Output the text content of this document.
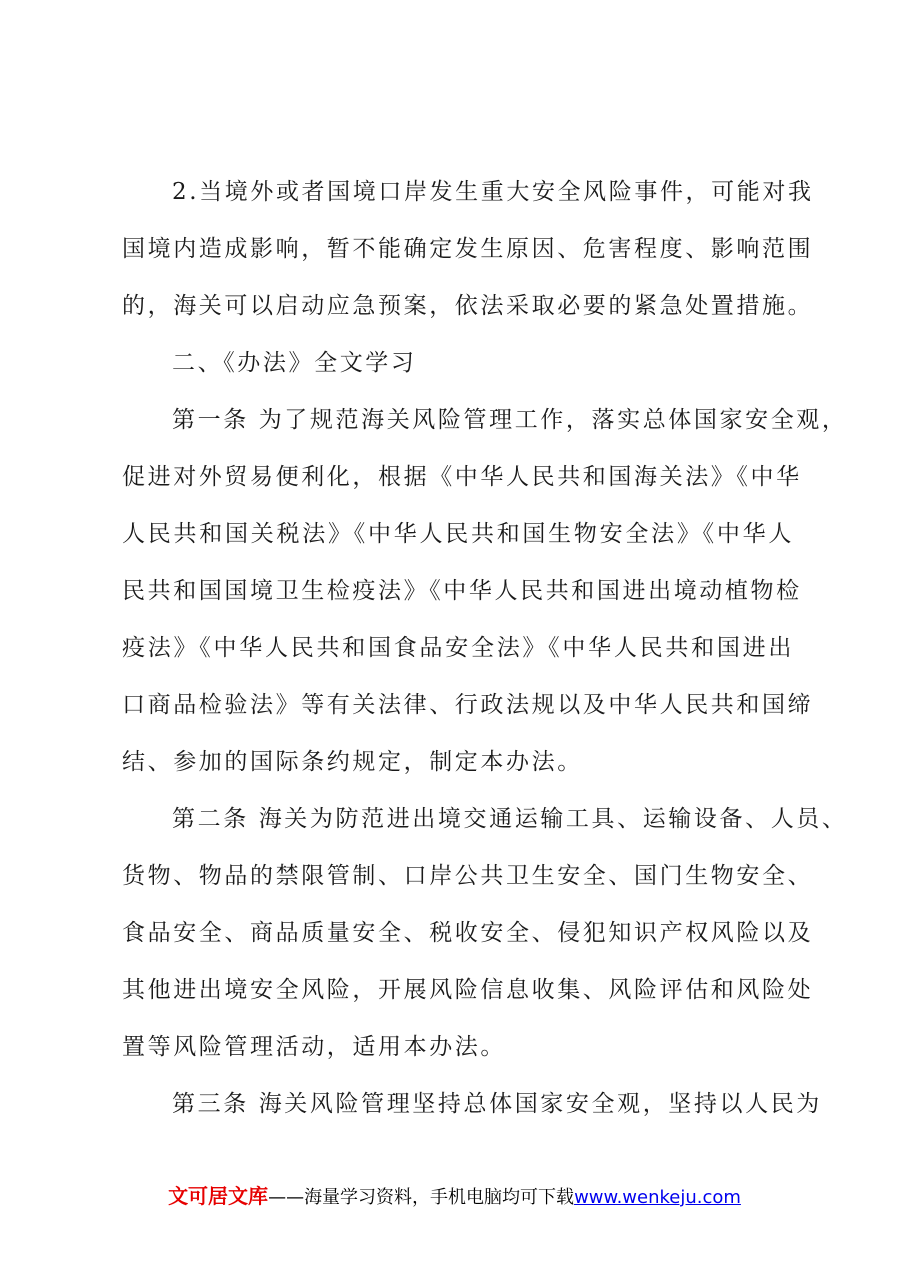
2.当境外或者国境口岸发生重大安全风险事件，可能对我
国境内造成影响，暂不能确定发生原因、危害程度、影响范围
的，海关可以启动应急预案，依法采取必要的紧急处置措施。
二、《办法》全文学习
第一条 为了规范海关风险管理工作，落实总体国家安全观，
促进对外贸易便利化，根据《中华人民共和国海关法》《中华
人民共和国关税法》《中华人民共和国生物安全法》《中华人
民共和国国境卫生检疫法》《中华人民共和国进出境动植物检
疫法》《中华人民共和国食品安全法》《中华人民共和国进出
口商品检验法》等有关法律、行政法规以及中华人民共和国缔
结、参加的国际条约规定，制定本办法。
第二条 海关为防范进出境交通运输工具、运输设备、人员、
货物、物品的禁限管制、口岸公共卫生安全、国门生物安全、
食品安全、商品质量安全、税收安全、侵犯知识产权风险以及
其他进出境安全风险，开展风险信息收集、风险评估和风险处
置等风险管理活动，适用本办法。
第三条 海关风险管理坚持总体国家安全观，坚持以人民为
文可居文库——海量学习资料，手机电脑均可下载www.wenkeju.com
